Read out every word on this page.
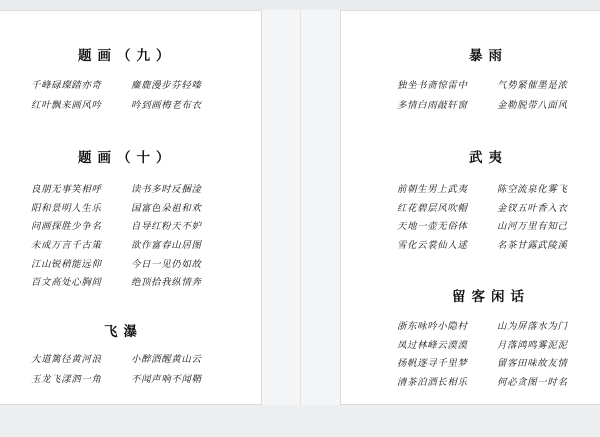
题画（九）
千峰碌璨踏亦奇
红叶飘来画风吟
麋鹿漫步芬轻嗪
吟到画梅老布衣
题画（十）
良朋无事笑相呼
阳和景明人生乐
问画探胜少争名
未成万言千古策
江山锐稍能远仰
百文高处心胸间
读书多时反捆淦
国富色朵祖和欢
自导红粉天不妒
欲作富春山居图
今日一见仍如故
绝顶拾我纵情奔
飞瀑
大道篱径黄河浪
玉龙飞漾泗一角
小醉酒醒黄山云
不闻声响不闻鞘
暴雨
独坐书斋惊雷中
多情白雨敲轩窗
气势紧催墨是浓
金勒脱带八面风
武夷
前朝生男上武夷
红花碧层风吹帽
天地一壶无俗体
雪化云裳仙人逑
陈空流泉化雾飞
金钗五叶香入衣
山河万里有知己
名茶甘露武陵溪
留客闲话
浙东咏吟小隐村
凤过林峰云漠漠
扬帆逐寻千里梦
清茶泊酒长相乐
山为屏落水为门
月落鸿鸣雾泥泥
留客田味故友情
何必贪图一时名
